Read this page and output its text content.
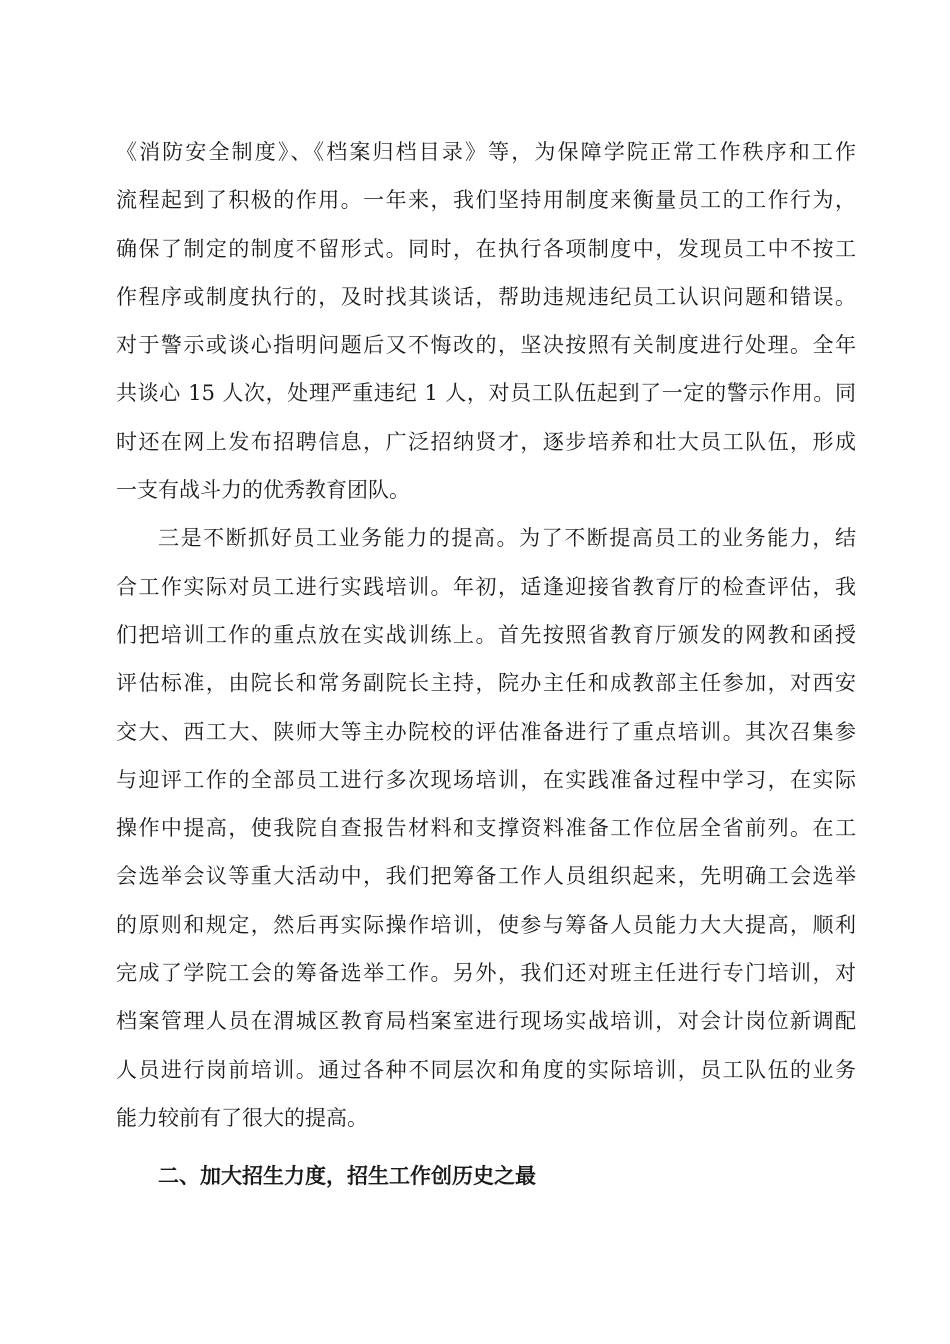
《消防安全制度》、《档案归档目录》等，为保障学院正常工作秩序和工作
流程起到了积极的作用。一年来，我们坚持用制度来衡量员工的工作行为，
确保了制定的制度不留形式。同时，在执行各项制度中，发现员工中不按工
作程序或制度执行的，及时找其谈话，帮助违规违纪员工认识问题和错误。
对于警示或谈心指明问题后又不悔改的，坚决按照有关制度进行处理。全年
共谈心 15 人次，处理严重违纪 1 人，对员工队伍起到了一定的警示作用。同
时还在网上发布招聘信息，广泛招纳贤才，逐步培养和壮大员工队伍，形成
一支有战斗力的优秀教育团队。
三是不断抓好员工业务能力的提高。为了不断提高员工的业务能力，结
合工作实际对员工进行实践培训。年初，适逢迎接省教育厅的检查评估，我
们把培训工作的重点放在实战训练上。首先按照省教育厅颁发的网教和函授
评估标准，由院长和常务副院长主持，院办主任和成教部主任参加，对西安
交大、西工大、陕师大等主办院校的评估准备进行了重点培训。其次召集参
与迎评工作的全部员工进行多次现场培训，在实践准备过程中学习，在实际
操作中提高，使我院自查报告材料和支撑资料准备工作位居全省前列。在工
会选举会议等重大活动中，我们把筹备工作人员组织起来，先明确工会选举
的原则和规定，然后再实际操作培训，使参与筹备人员能力大大提高，顺利
完成了学院工会的筹备选举工作。另外，我们还对班主任进行专门培训，对
档案管理人员在渭城区教育局档案室进行现场实战培训，对会计岗位新调配
人员进行岗前培训。通过各种不同层次和角度的实际培训，员工队伍的业务
能力较前有了很大的提高。
二、加大招生力度，招生工作创历史之最
